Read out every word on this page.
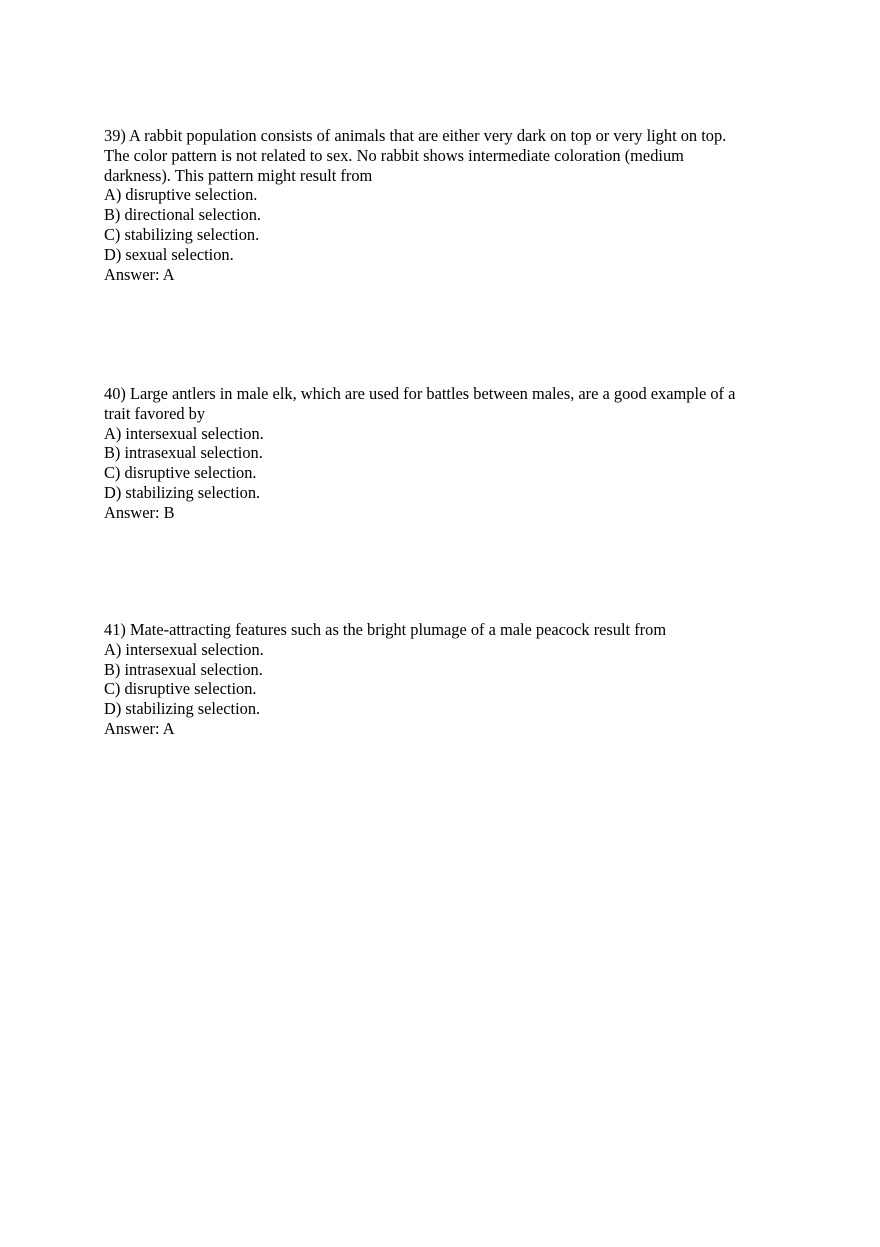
39) A rabbit population consists of animals that are either very dark on top or very light on top.
The color pattern is not related to sex. No rabbit shows intermediate coloration (medium
darkness). This pattern might result from
A) disruptive selection.
B) directional selection.
C) stabilizing selection.
D) sexual selection.
Answer: A
40) Large antlers in male elk, which are used for battles between males, are a good example of a
trait favored by
A) intersexual selection.
B) intrasexual selection.
C) disruptive selection.
D) stabilizing selection.
Answer: B
41) Mate-attracting features such as the bright plumage of a male peacock result from
A) intersexual selection.
B) intrasexual selection.
C) disruptive selection.
D) stabilizing selection.
Answer: A
